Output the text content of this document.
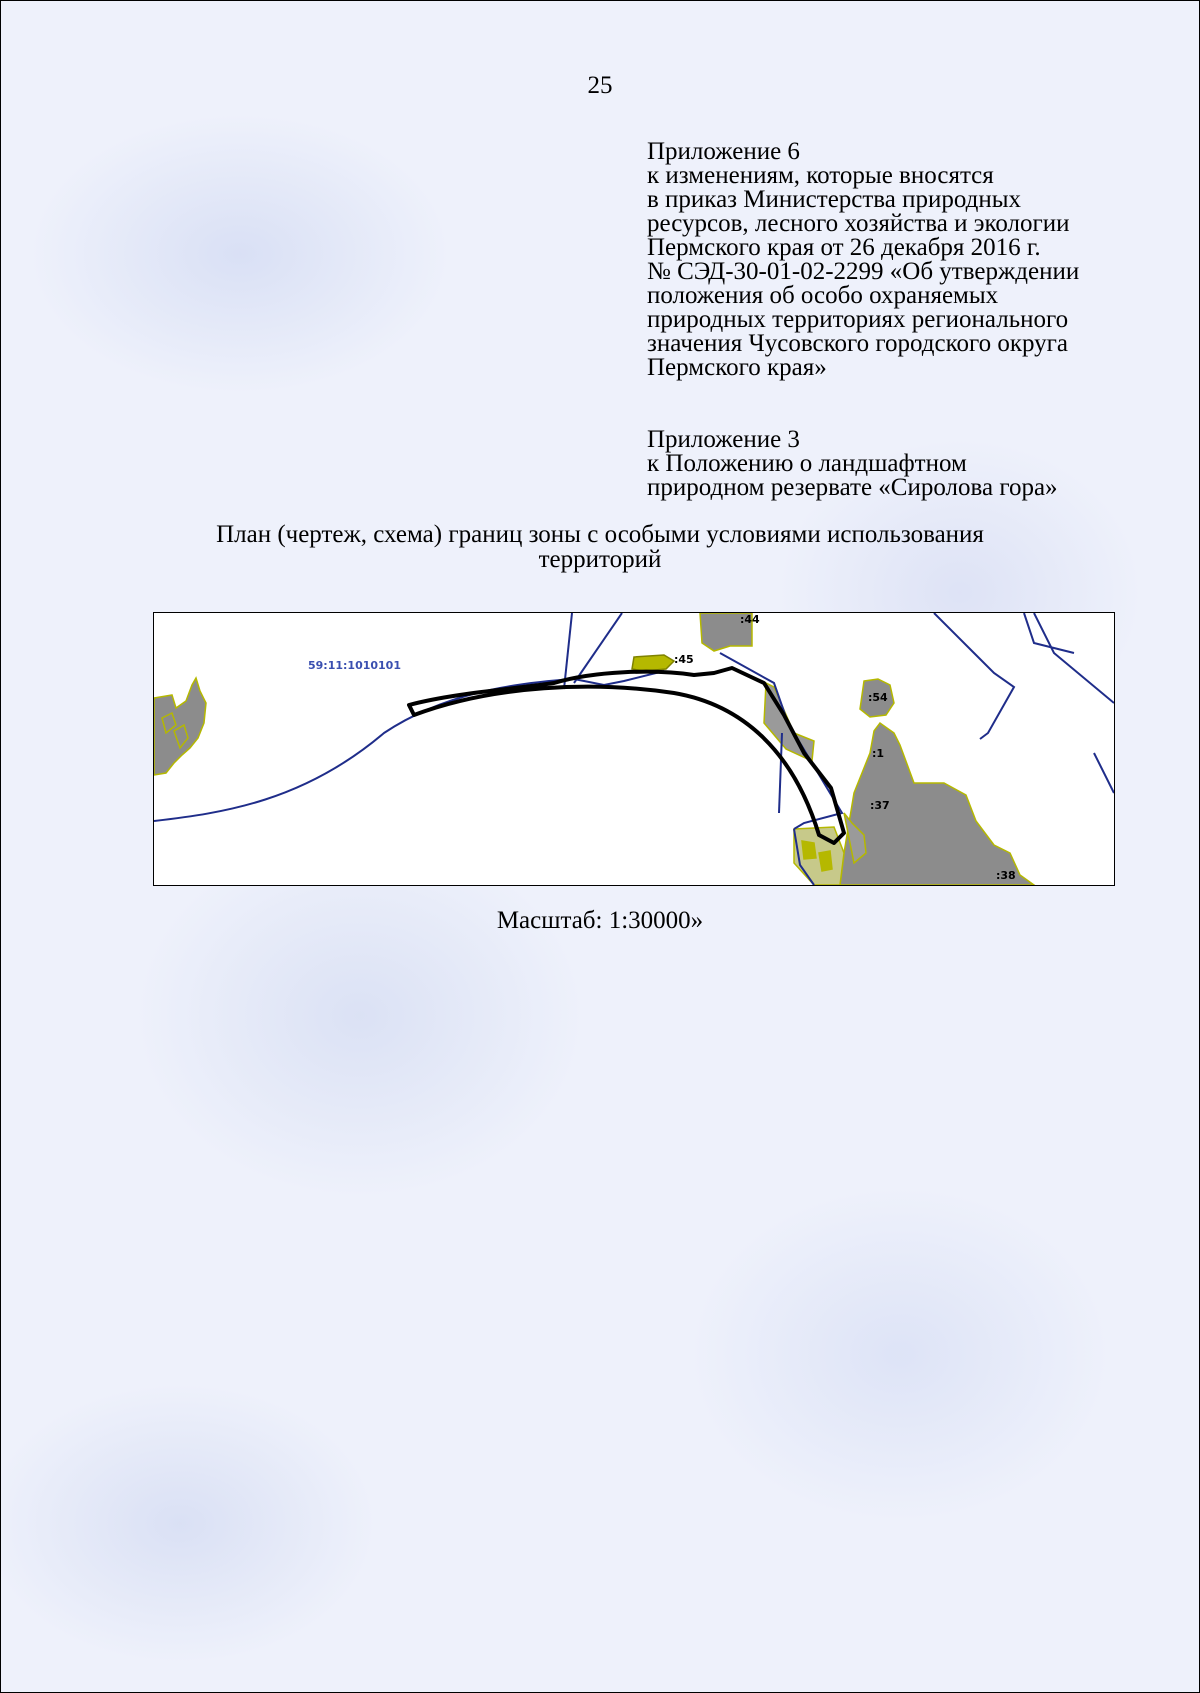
25
Приложение 6
к изменениям, которые вносятся
в приказ Министерства природных
ресурсов, лесного хозяйства и экологии
Пермского края от 26 декабря 2016 г.
№ СЭД-30-01-02-2299 «Об утверждении
положения об особо охраняемых
природных территориях регионального
значения Чусовского городского округа
Пермского края»
Приложение 3
к Положению о ландшафтном
природном резервате «Сиролова гора»
План (чертеж, схема) границ зоны с особыми условиями использования
территорий
59:11:1010101
:44
:45
:54
:1
:37
:38
Масштаб: 1:30000»
